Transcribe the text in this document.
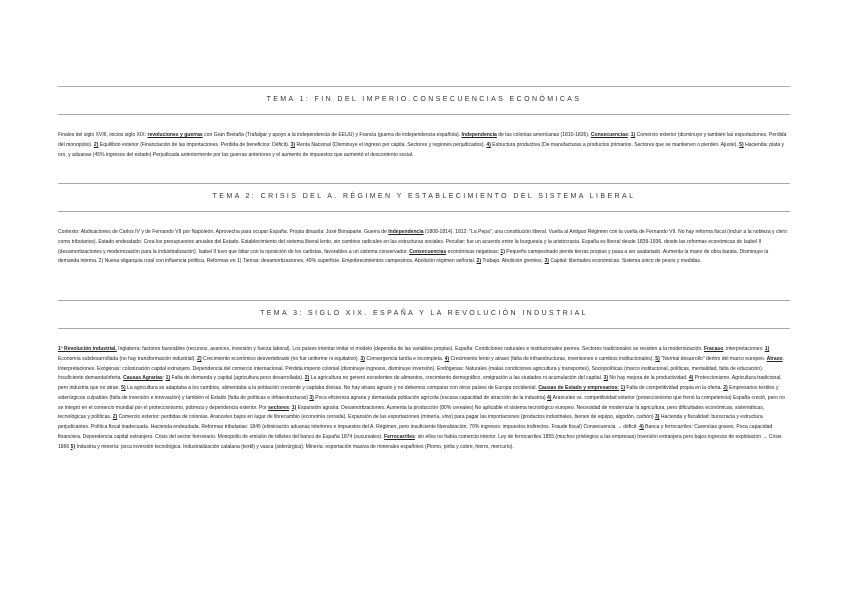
TEMA 1: FIN DEL IMPERIO.CONSECUENCIAS ECONÓMICAS
Finales del siglo XVIII, inicios siglo XIX: revoluciones y guerras con Gran Bretaña (Trafalgar y apoyo a la independencia de EEUU) y Francia (guerra de independencia española). Independencia de las colonias americanas (1810-1826). Consecuencias: 1) Comercio exterior (disminuye y también las exportaciones. Perdida del monopolio). 2) Equilibrio exterior (Financiación de las importaciones. Perdida de beneficios: Déficit). 3) Renta Nacional (Disminuye el ingreso per cápita. Sectores y regiones perjudicados). 4) Estructura productiva (De manufacturas a productos primarios. Sectores que se mantienen o pierden. Ajuste). 5) Hacienda: plata y oro, y aduanas (45% ingresos del estado) Perjudicada anteriormente por las guerras anteriores y el aumento de impuestos que aumentó el descontento social.
TEMA 2: CRISIS DEL A. RÉGIMEN Y ESTABLECIMIENTO DEL SISTEMA LIBERAL
Contexto: Abdicaciones de Carlos IV y de Fernando VII por Napoleón. Aprovecha para ocupar España. Propia dinastía: José Bonaparte. Guerra de Independencia (1808-1814). 1812: "La Pepa", una constitución liberal. Vuelta al Antiguo Régimen con la vuelta de Fernando VII. No hay reforma fiscal (incluir a la nobleza y clero como tributarios). Estado endeudado. Crea los presupuestos anuales del Estado. Establecimiento del sistema liberal lento, sin cambios radicales en las estructuras sociales. Peculiar: fue un acuerdo entre la burguesía y la aristocracia. España es liberal desde 1839-1936, desde las reformas económicas de Isabel II (desamortizaciones y modernización para la industrialización). Isabel II tuvo que lidiar con la oposición de los carlistas, favorables a un sistema conservador. Consecuencias económicas negativas: 1) Pequeño campesinado pierde tierras propias y pasa a ser asalariado. Aumenta la mano de obra barata. Disminuye la demanda interna. 2) Nueva oligarquía rural con influencia política. Reformas en 1) Tierras: desamortizaciones, 40% superficie. Empobrecimientos campesinos. Abolición régimen señorial. 2) Trabajo: Abolición gremios. 3) Capital: libertades económicas. Sistema único de pesos y medidas.
TEMA 3: SIGLO XIX. ESPAÑA Y LA REVOLUCIÓN INDUSTRIAL
1º Revolución industrial. Inglaterra: factores favorables (recursos, avances, inversión y fuerza laboral). Los países intentar imitar el modelo (dependía de las variables propias). España: Condiciones naturales e institucionales peores. Sectores tradicionales se resisten a la modernización. Fracaso, interpretaciones: 1) Economía subdesarrollada (no hay transformación industrial). 2) Crecimiento económico desvertebrado (no fue uniforme ni equitativo). 3) Convergencia tardía e incompleta. 4) Crecimiento lento y atraso (falta de infraestructuras, inversiones o cambios institucionales). 5) "Normal desarrollo" dentro del marco europeo. Atraso. Interpretaciones. Exógenas: colonización capital extranjero. Dependencia del comercio internacional. Pérdida imperio colonial (disminuye ingresos, disminuye inversión). Endógenas: Naturales (malas condiciones agricultura y transportes), Sociopolíticas (marco institucional, políticas, mentalidad, falta de educación). Insuficiente demanda/oferta. Causas Agrarias: 1) Falta de demanda y capital (agricultura poco desarrollada). 2) La agricultura no generó excedentes de alimentos, crecimiento demográfico, emigración a las ciudades ni acumulación del capital. 3) No hay mejora de la productividad. 4) Proteccionismo. Agricultura tradicional, pero industria que no atrae. 5) La agricultura se adaptaba a los cambios, alimentaba a la población creciente y captaba divisas. No hay atraso agrario y no debemos comparar con otros países de Europa occidental. Causas de Estado y empresarios: 1) Falta de competitividad propia en la oferta. 2) Empresarios textiles y siderúrgicos culpables (falta de inversión e innovación) y también el Estado (falta de políticas e infraestructuras) 3) Poca eficiencia agraria y demasiada población agrícola (escasa capacidad de atracción de la industria) 4) Aranceles vs. competitividad exterior (proteccionismo que frenó la competencia) España creció, pero no se integró en el comercio mundial por el proteccionismo, pobreza y dependencia exterior. Por sectores: 1) Expansión agraria: Desamortizaciones. Aumenta la producción (80% cereales) No aplicable el sistema tecnológico europeo. Necesidad de modernizar la agricultura, pero dificultades económicas, sistemáticas, tecnológicas y políticas. 2) Comercio exterior: perdidas de colonias. Aranceles bajos en lugar de librecambio (economía cerrada). Expansión de las exportaciones (minería, vino) para pagar las importaciones (productos industriales, bienes de equipo, algodón, carbón) 3) Hacienda y fiscalidad: burocracia y estructura perjudicantes. Política fiscal inadecuada. Hacienda endeudada. Reformas tributarias: 1845 (eliminación aduanas interiores e impuestos del A. Régimen, pero insuficiente liberalización. 70% ingresos: impuestos indirectos. Fraude fiscal) Consecuencia → déficit. 4) Banca y ferrocarriles: Carencias graves. Poca capacidad financiera. Dependencia capital extranjero. Crisis del sector ferroviario. Monopolio de emisión de billetes del banco de España 1874 (sucursales). Ferrocarriles: sin ellos no había comercio interior. Ley de ferrocarriles 1855 (muchos privilegios a las empresas) Inversión extranjera pero bajos ingresos de explotación → Crisis 1866 5) Industria y minería: poca inversión tecnológica. Industrialización catalana (textil) y vasca (siderúrgica). Minería: exportación masiva de minerales españoles (Plomo, pirita y cobre, hierro, mercurio).
